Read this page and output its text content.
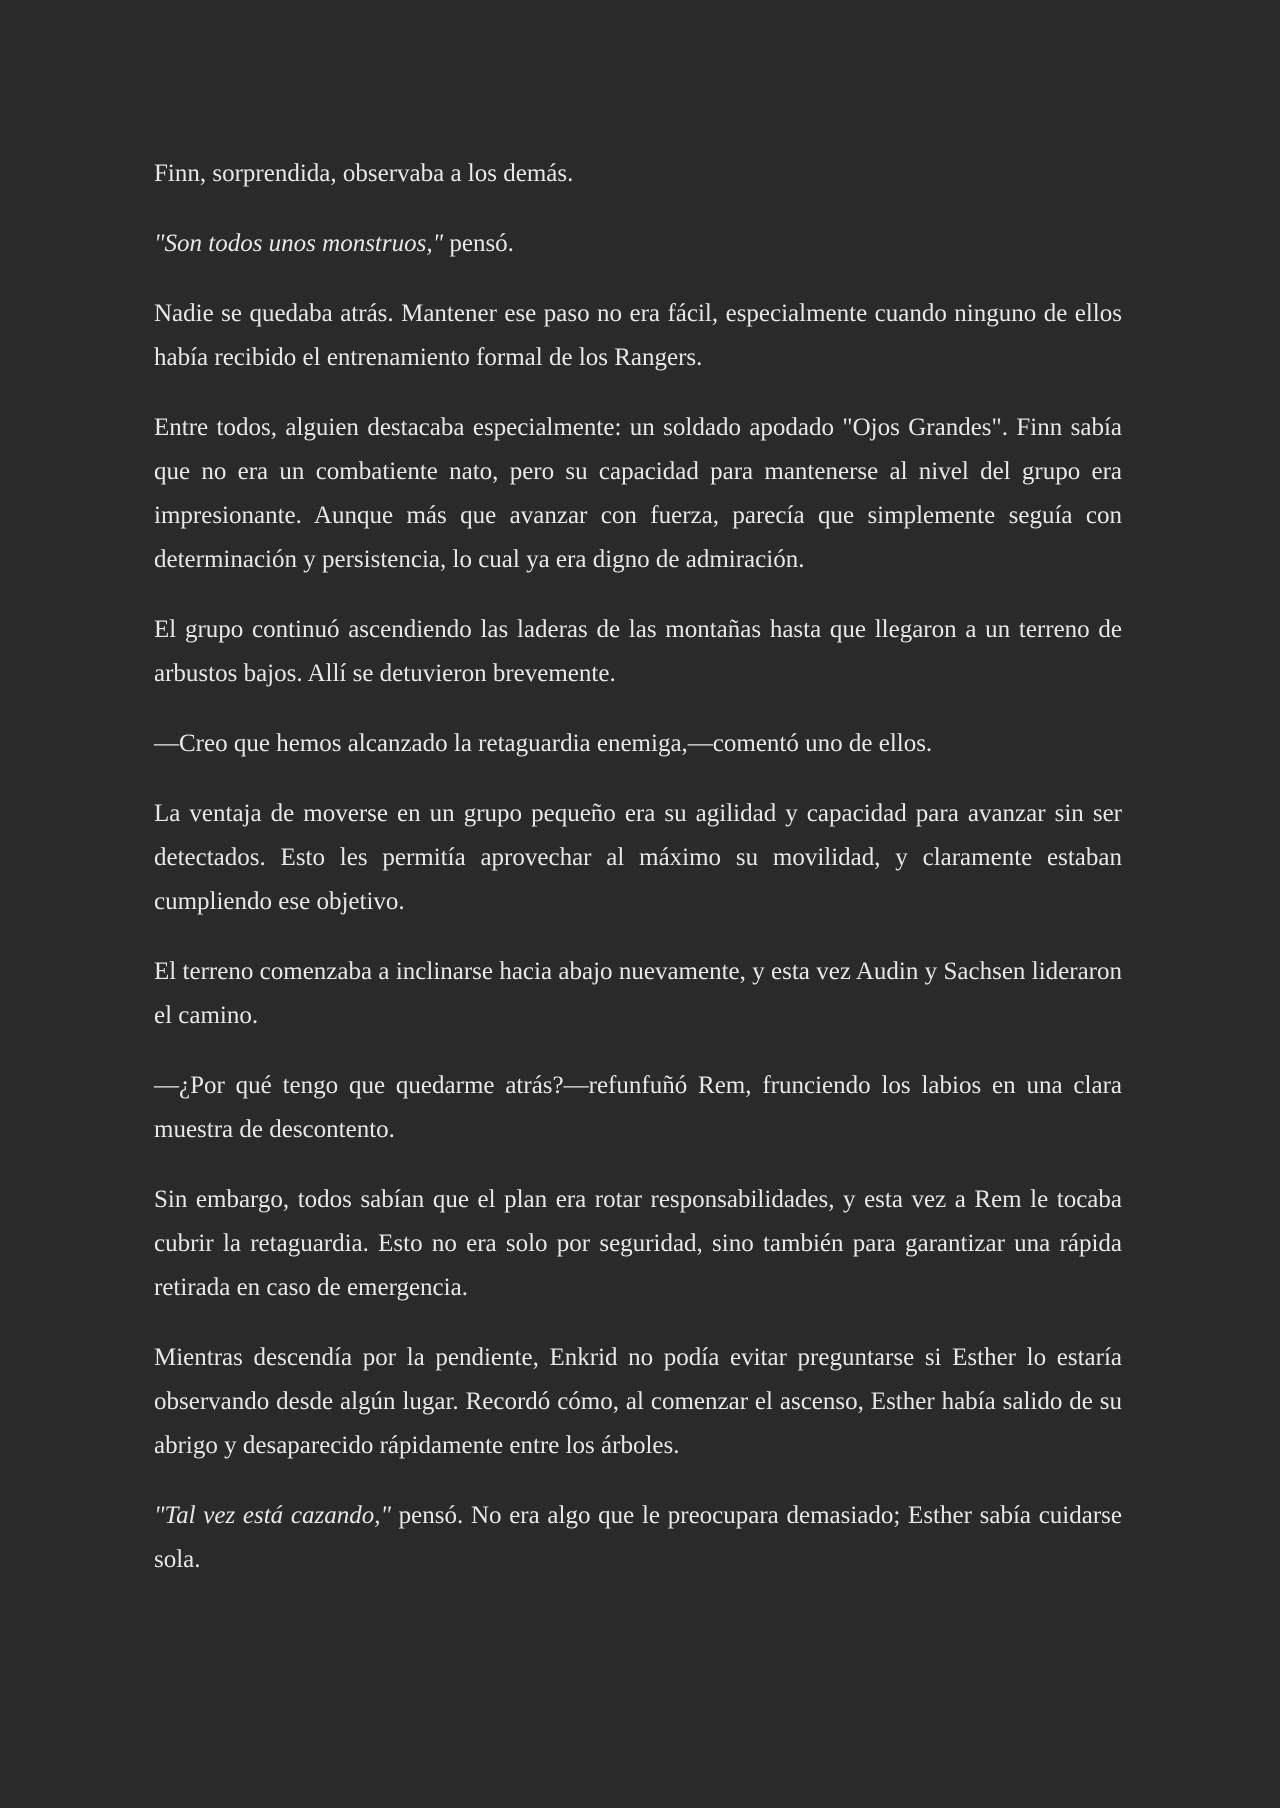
Finn, sorprendida, observaba a los demás.

"Son todos unos monstruos," pensó.

Nadie se quedaba atrás. Mantener ese paso no era fácil, especialmente cuando ninguno de ellos había recibido el entrenamiento formal de los Rangers.

Entre todos, alguien destacaba especialmente: un soldado apodado "Ojos Grandes". Finn sabía que no era un combatiente nato, pero su capacidad para mantenerse al nivel del grupo era impresionante. Aunque más que avanzar con fuerza, parecía que simplemente seguía con determinación y persistencia, lo cual ya era digno de admiración.

El grupo continuó ascendiendo las laderas de las montañas hasta que llegaron a un terreno de arbustos bajos. Allí se detuvieron brevemente.

—Creo que hemos alcanzado la retaguardia enemiga,—comentó uno de ellos.

La ventaja de moverse en un grupo pequeño era su agilidad y capacidad para avanzar sin ser detectados. Esto les permitía aprovechar al máximo su movilidad, y claramente estaban cumpliendo ese objetivo.

El terreno comenzaba a inclinarse hacia abajo nuevamente, y esta vez Audin y Sachsen lideraron el camino.

—¿Por qué tengo que quedarme atrás?—refunfuñó Rem, frunciendo los labios en una clara muestra de descontento.

Sin embargo, todos sabían que el plan era rotar responsabilidades, y esta vez a Rem le tocaba cubrir la retaguardia. Esto no era solo por seguridad, sino también para garantizar una rápida retirada en caso de emergencia.

Mientras descendía por la pendiente, Enkrid no podía evitar preguntarse si Esther lo estaría observando desde algún lugar. Recordó cómo, al comenzar el ascenso, Esther había salido de su abrigo y desaparecido rápidamente entre los árboles.

"Tal vez está cazando," pensó. No era algo que le preocupara demasiado; Esther sabía cuidarse sola.
